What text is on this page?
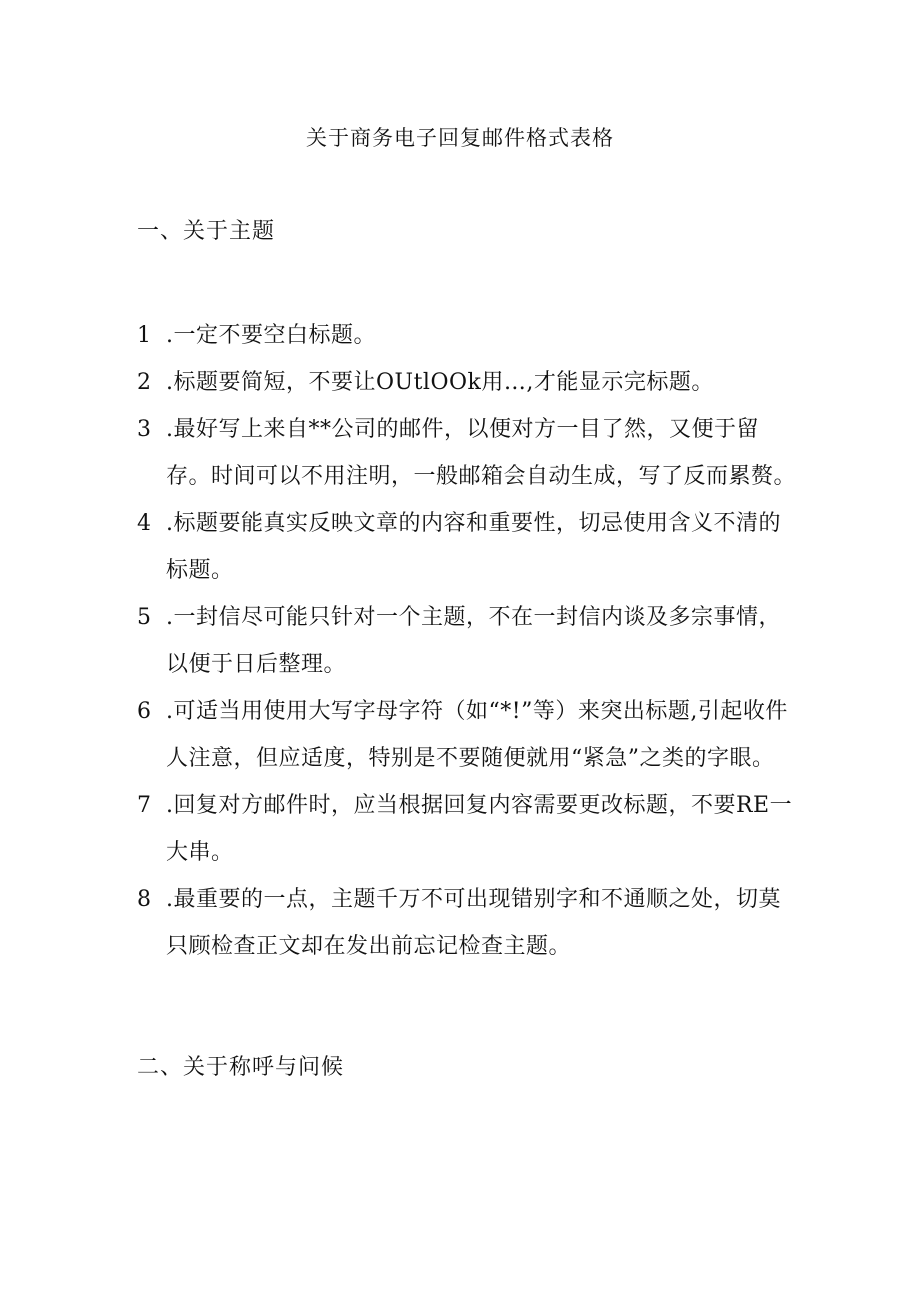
关于商务电子回复邮件格式表格
一、关于主题
1 .一定不要空白标题。
2 .标题要简短，不要让OUtlOOk用…,才能显示完标题。
3 .最好写上来自**公司的邮件，以便对方一目了然，又便于留存。时间可以不用注明，一般邮箱会自动生成，写了反而累赘。
4 .标题要能真实反映文章的内容和重要性，切忌使用含义不清的标题。
5 .一封信尽可能只针对一个主题，不在一封信内谈及多宗事情，以便于日后整理。
6 .可适当用使用大写字母字符（如“*!”等）来突出标题,引起收件人注意，但应适度，特别是不要随便就用“紧急”之类的字眼。
7 .回复对方邮件时，应当根据回复内容需要更改标题，不要RE一大串。
8 .最重要的一点，主题千万不可出现错别字和不通顺之处，切莫只顾检查正文却在发出前忘记检查主题。
二、关于称呼与问候
